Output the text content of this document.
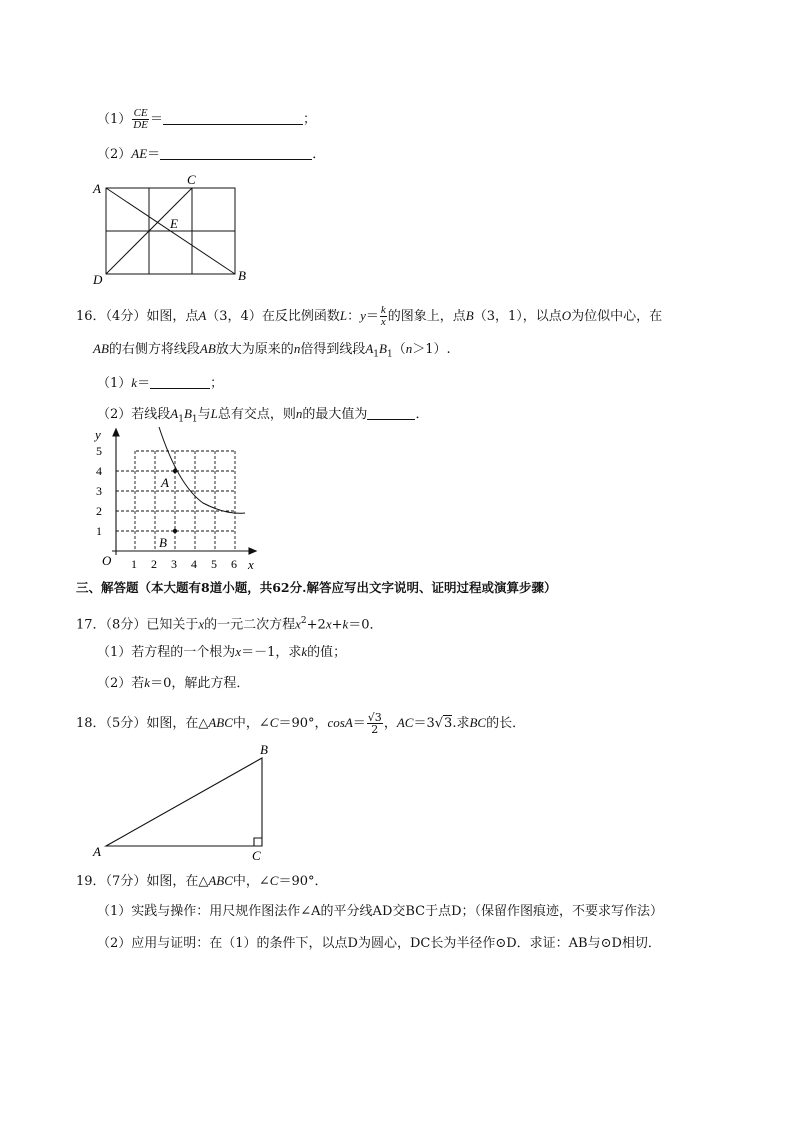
$(1) \frac{CE}{DE}$ ＝	；
（2）AE＝	．
A
C
E
D	B
16．（4分）如图，点A（3，4）在反比例函数L：$y= \frac{k}{x}$ 的图象上，点B（3，1），以点O为位似中心，在
AB的右侧方将线段AB放大为原来的n倍得到线段$A_1B_1(n>1)$.
（1）k＝	；
（2）若线段$A_1B_1$与L总有交点，则n的最大值为	．
y
x
O
5
4
3
2
1
1 2 3 4 5 6
A
B
三、解答题（本大题有8道小题，共62分.解答应写出文字说明、证明过程或演算步骤）
17．（8分）已知关于x的一元二次方程$x^2+2x+k=0$．
（1）若方程的一个根为x＝－1，求k的值；
（2）若k＝0，解此方程．
18．（5分）如图，在△ABC中，∠C＝90°，$\cos A= \frac{√3}{2}$ ，AC＝3√3.求BC的长．
A
B
C
19．（7分）如图，在△ABC中，∠C＝90°．
（1）实践与操作：用尺规作图法作∠A的平分线AD交BC于点D；（保留作图痕迹，不要求写作法）
（2）应用与证明：在（1）的条件下，以点D为圆心，DC长为半径作⊙D．求证：AB与⊙D相切．
